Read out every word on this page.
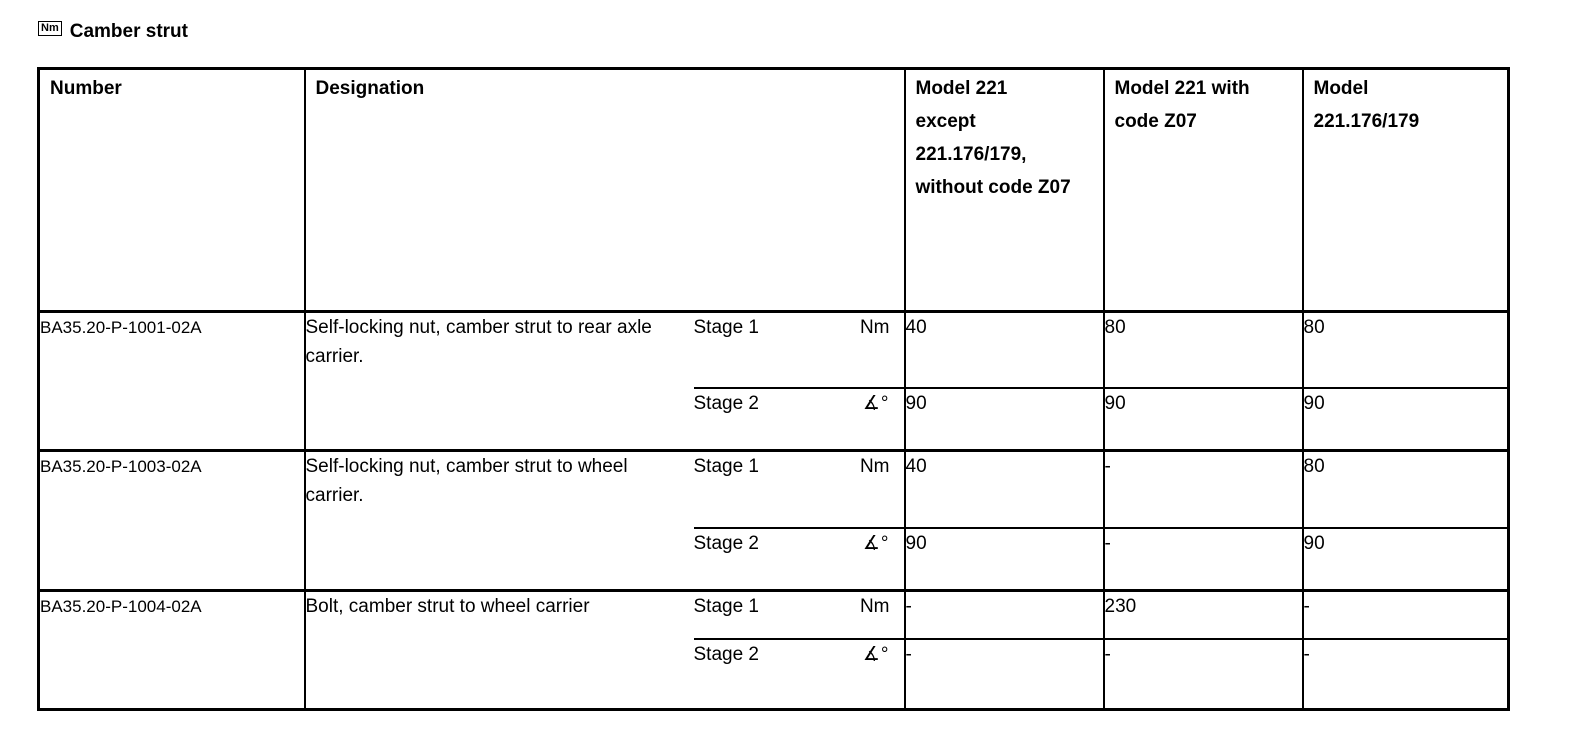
Nm Camber strut
Number	Designation			Model 221 except 221.176/179, without code Z07	Model 221 with code Z07	Model 221.176/179
BA35.20-P-1001-02A	Self-locking nut, camber strut to rear axle carrier.	Stage 1	Nm	40	80	80
		Stage 2	∡°	90	90	90
BA35.20-P-1003-02A	Self-locking nut, camber strut to wheel carrier.	Stage 1	Nm	40	-	80
		Stage 2	∡°	90	-	90
BA35.20-P-1004-02A	Bolt, camber strut to wheel carrier	Stage 1	Nm	-	230	-
		Stage 2	∡°	-	-	-
